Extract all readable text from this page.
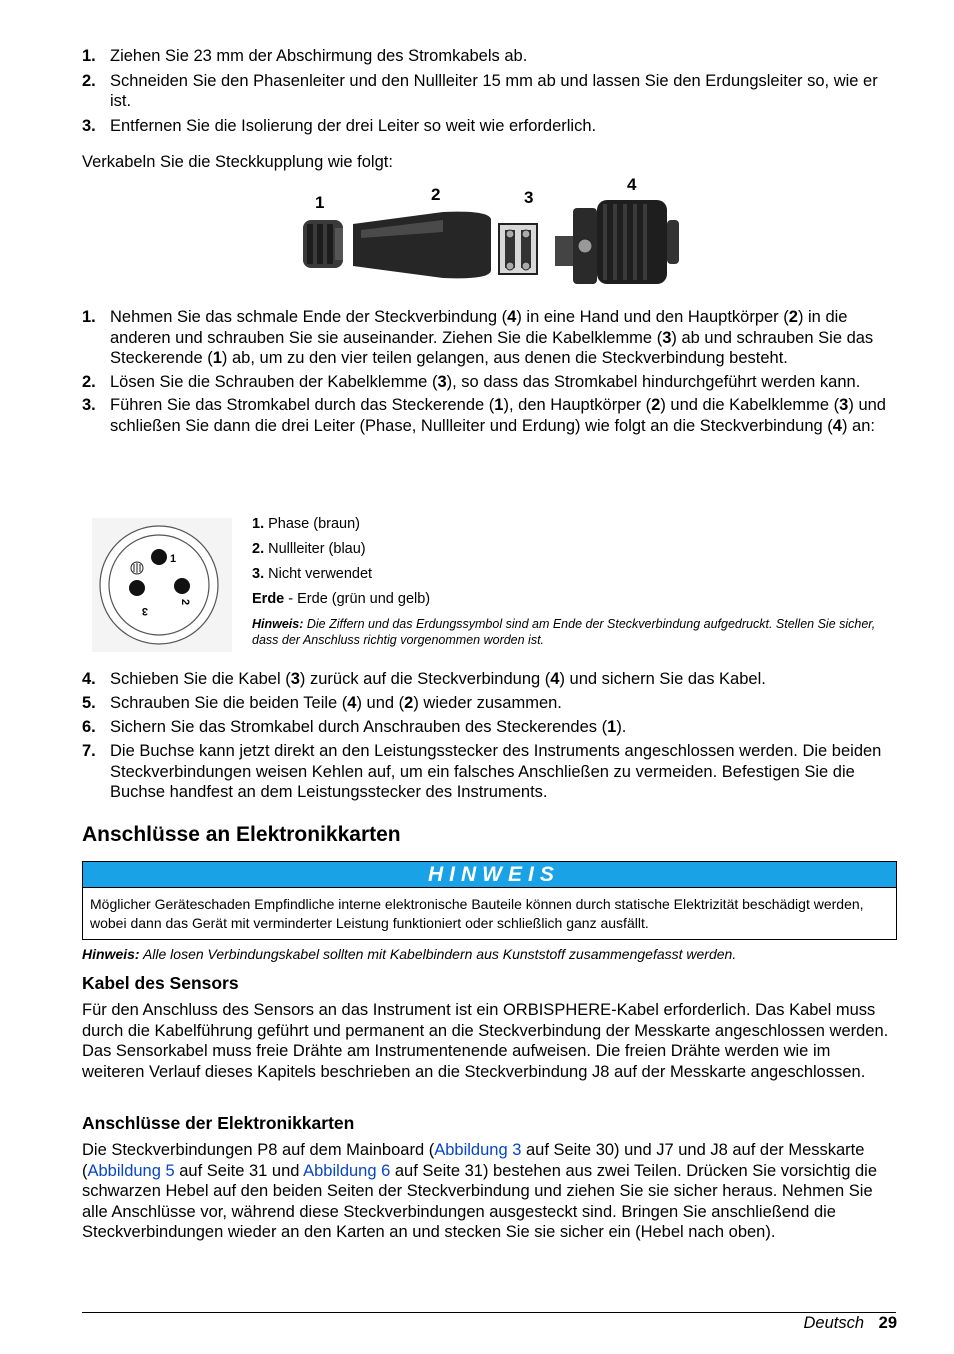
1. Ziehen Sie 23 mm der Abschirmung des Stromkabels ab.
2. Schneiden Sie den Phasenleiter und den Nullleiter 15 mm ab und lassen Sie den Erdungsleiter so, wie er ist.
3. Entfernen Sie die Isolierung der drei Leiter so weit wie erforderlich.
Verkabeln Sie die Steckkupplung wie folgt:
1	2	3
4
1. Nehmen Sie das schmale Ende der Steckverbindung (4) in eine Hand und den Hauptkörper (2) in die anderen und schrauben Sie sie auseinander. Ziehen Sie die Kabelklemme (3) ab und schrauben Sie das Steckerende (1) ab, um zu den vier teilen gelangen, aus denen die Steckverbindung besteht.
2. Lösen Sie die Schrauben der Kabelklemme (3), so dass das Stromkabel hindurchgeführt werden kann.
3. Führen Sie das Stromkabel durch das Steckerende (1), den Hauptkörper (2) und die Kabelklemme (3) und schließen Sie dann die drei Leiter (Phase, Nullleiter und Erdung) wie folgt an die Steckverbindung (4) an:
1
2
3
1. Phase (braun)
2. Nullleiter (blau)
3. Nicht verwendet
Erde - Erde (grün und gelb)
Hinweis: Die Ziffern und das Erdungssymbol sind am Ende der Steckverbindung aufgedruckt. Stellen Sie sicher, dass der Anschluss richtig vorgenommen worden ist.
4. Schieben Sie die Kabel (3) zurück auf die Steckverbindung (4) und sichern Sie das Kabel.
5. Schrauben Sie die beiden Teile (4) und (2) wieder zusammen.
6. Sichern Sie das Stromkabel durch Anschrauben des Steckerendes (1).
7. Die Buchse kann jetzt direkt an den Leistungsstecker des Instruments angeschlossen werden. Die beiden Steckverbindungen weisen Kehlen auf, um ein falsches Anschließen zu vermeiden. Befestigen Sie die Buchse handfest an dem Leistungsstecker des Instruments.
Anschlüsse an Elektronikkarten
HINWEIS
Möglicher Geräteschaden Empfindliche interne elektronische Bauteile können durch statische Elektrizität beschädigt werden, wobei dann das Gerät mit verminderter Leistung funktioniert oder schließlich ganz ausfällt.
Hinweis: Alle losen Verbindungskabel sollten mit Kabelbindern aus Kunststoff zusammengefasst werden.
Kabel des Sensors
Für den Anschluss des Sensors an das Instrument ist ein ORBISPHERE-Kabel erforderlich. Das Kabel muss durch die Kabelführung geführt und permanent an die Steckverbindung der Messkarte angeschlossen werden. Das Sensorkabel muss freie Drähte am Instrumentenende aufweisen. Die freien Drähte werden wie im weiteren Verlauf dieses Kapitels beschrieben an die Steckverbindung J8 auf der Messkarte angeschlossen.
Anschlüsse der Elektronikkarten
Die Steckverbindungen P8 auf dem Mainboard (Abbildung 3 auf Seite 30) und J7 und J8 auf der Messkarte (Abbildung 5 auf Seite 31 und Abbildung 6 auf Seite 31) bestehen aus zwei Teilen. Drücken Sie vorsichtig die schwarzen Hebel auf den beiden Seiten der Steckverbindung und ziehen Sie sie sicher heraus. Nehmen Sie alle Anschlüsse vor, während diese Steckverbindungen ausgesteckt sind. Bringen Sie anschließend die Steckverbindungen wieder an den Karten an und stecken Sie sie sicher ein (Hebel nach oben).
Deutsch 29
